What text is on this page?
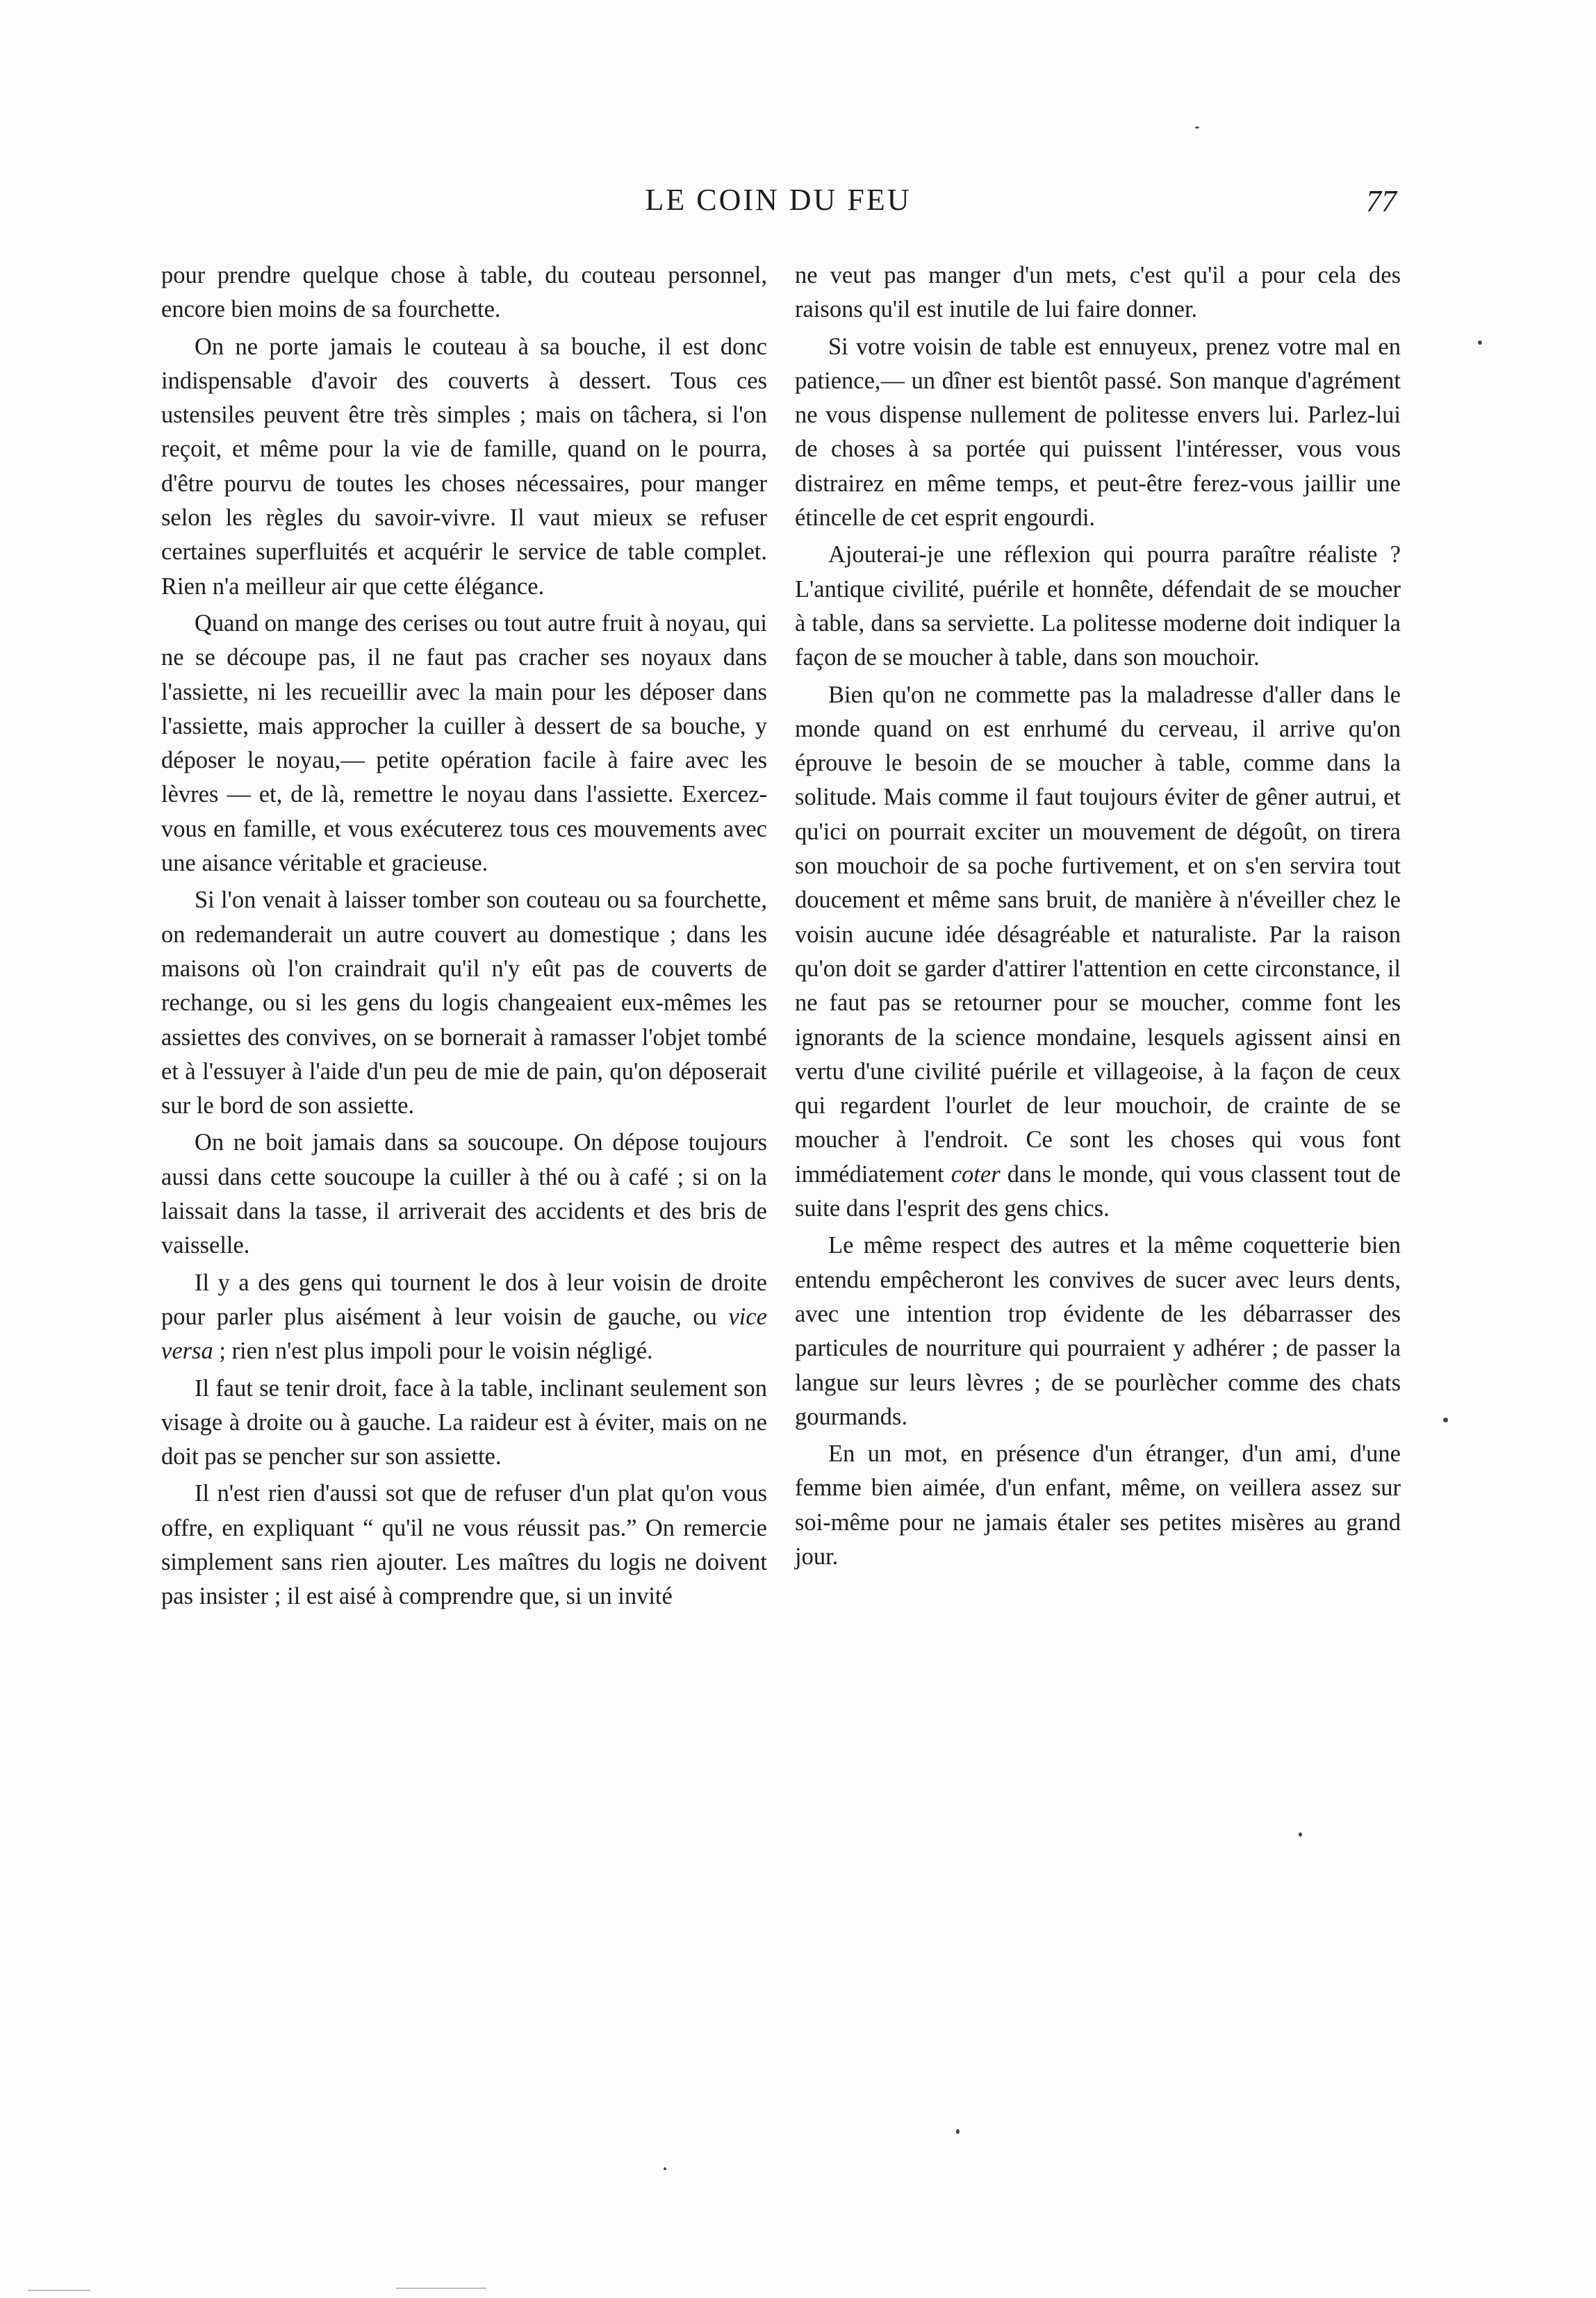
LE COIN DU FEU	77

pour prendre quelque chose à table, du couteau personnel, encore bien moins de sa fourchette.

On ne porte jamais le couteau à sa bouche, il est donc indispensable d'avoir des couverts à dessert. Tous ces ustensiles peuvent être très simples ; mais on tâchera, si l'on reçoit, et même pour la vie de famille, quand on le pourra, d'être pourvu de toutes les choses nécessaires, pour manger selon les règles du savoir-vivre. Il vaut mieux se refuser certaines superfluités et acquérir le service de table complet. Rien n'a meilleur air que cette élégance.

Quand on mange des cerises ou tout autre fruit à noyau, qui ne se découpe pas, il ne faut pas cracher ses noyaux dans l'assiette, ni les recueillir avec la main pour les déposer dans l'assiette, mais approcher la cuiller à dessert de sa bouche, y déposer le noyau,— petite opération facile à faire avec les lèvres — et, de là, remettre le noyau dans l'assiette. Exercez-vous en famille, et vous exécuterez tous ces mouvements avec une aisance véritable et gracieuse.

Si l'on venait à laisser tomber son couteau ou sa fourchette, on redemanderait un autre couvert au domestique ; dans les maisons où l'on craindrait qu'il n'y eût pas de couverts de rechange, ou si les gens du logis changeaient eux-mêmes les assiettes des convives, on se bornerait à ramasser l'objet tombé et à l'essuyer à l'aide d'un peu de mie de pain, qu'on déposerait sur le bord de son assiette.

On ne boit jamais dans sa soucoupe. On dépose toujours aussi dans cette soucoupe la cuiller à thé ou à café ; si on la laissait dans la tasse, il arriverait des accidents et des bris de vaisselle.

Il y a des gens qui tournent le dos à leur voisin de droite pour parler plus aisément à leur voisin de gauche, ou vice versa ; rien n'est plus impoli pour le voisin négligé.

Il faut se tenir droit, face à la table, inclinant seulement son visage à droite ou à gauche. La raideur est à éviter, mais on ne doit pas se pencher sur son assiette.

Il n'est rien d'aussi sot que de refuser d'un plat qu'on vous offre, en expliquant “ qu'il ne vous réussit pas.” On remercie simplement sans rien ajouter. Les maîtres du logis ne doivent pas insister ; il est aisé à comprendre que, si un invité

ne veut pas manger d'un mets, c'est qu'il a pour cela des raisons qu'il est inutile de lui faire donner.

Si votre voisin de table est ennuyeux, prenez votre mal en patience,— un dîner est bientôt passé. Son manque d'agrément ne vous dispense nullement de politesse envers lui. Parlez-lui de choses à sa portée qui puissent l'intéresser, vous vous distrairez en même temps, et peut-être ferez-vous jaillir une étincelle de cet esprit engourdi.

Ajouterai-je une réflexion qui pourra paraître réaliste ? L'antique civilité, puérile et honnête, défendait de se moucher à table, dans sa serviette. La politesse moderne doit indiquer la façon de se moucher à table, dans son mouchoir.

Bien qu'on ne commette pas la maladresse d'aller dans le monde quand on est enrhumé du cerveau, il arrive qu'on éprouve le besoin de se moucher à table, comme dans la solitude. Mais comme il faut toujours éviter de gêner autrui, et qu'ici on pourrait exciter un mouvement de dégoût, on tirera son mouchoir de sa poche furtivement, et on s'en servira tout doucement et même sans bruit, de manière à n'éveiller chez le voisin aucune idée désagréable et naturaliste. Par la raison qu'on doit se garder d'attirer l'attention en cette circonstance, il ne faut pas se retourner pour se moucher, comme font les ignorants de la science mondaine, lesquels agissent ainsi en vertu d'une civilité puérile et villageoise, à la façon de ceux qui regardent l'ourlet de leur mouchoir, de crainte de se moucher à l'endroit. Ce sont les choses qui vous font immédiatement coter dans le monde, qui vous classent tout de suite dans l'esprit des gens chics.

Le même respect des autres et la même coquetterie bien entendu empêcheront les convives de sucer avec leurs dents, avec une intention trop évidente de les débarrasser des particules de nourriture qui pourraient y adhérer ; de passer la langue sur leurs lèvres ; de se pourlècher comme des chats gourmands.

En un mot, en présence d'un étranger, d'un ami, d'une femme bien aimée, d'un enfant, même, on veillera assez sur soi-même pour ne jamais étaler ses petites misères au grand jour.
